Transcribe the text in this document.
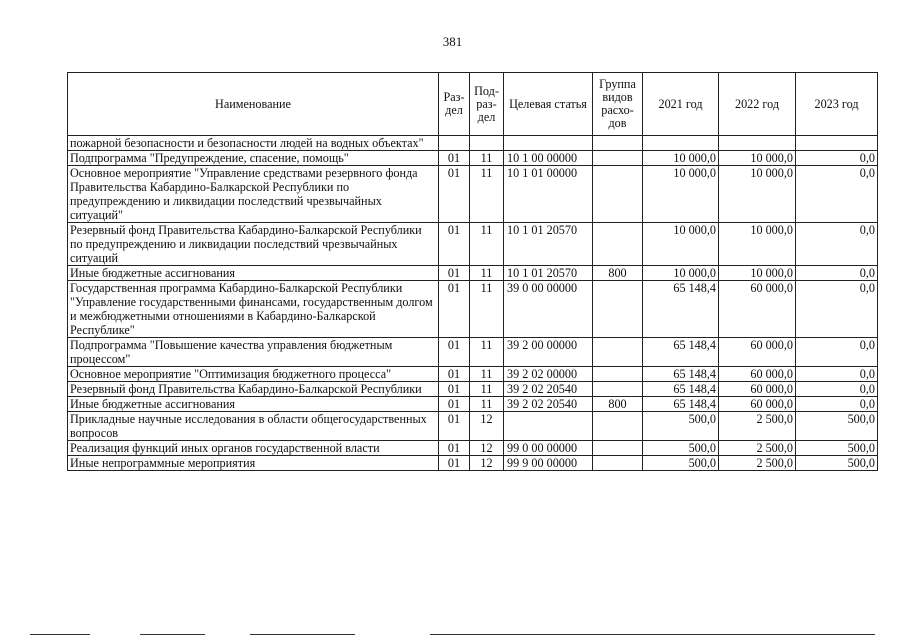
381
Наименование	Раз-дел	Под-раз-дел	Целевая статья	Группа видов расхо-дов	2021 год	2022 год	2023 год
пожарной безопасности и безопасности людей на водных объектах"							
Подпрограмма "Предупреждение, спасение, помощь"	01	11	10 1 00 00000		10 000,0	10 000,0	0,0
Основное мероприятие "Управление средствами резервного фонда Правительства Кабардино-Балкарской Республики по предупреждению и ликвидации последствий чрезвычайных ситуаций"	01	11	10 1 01 00000		10 000,0	10 000,0	0,0
Резервный фонд Правительства Кабардино-Балкарской Республики по предупреждению и ликвидации последствий чрезвычайных ситуаций	01	11	10 1 01 20570		10 000,0	10 000,0	0,0
Иные бюджетные ассигнования	01	11	10 1 01 20570	800	10 000,0	10 000,0	0,0
Государственная программа Кабардино-Балкарской Республики "Управление государственными финансами, государственным долгом и межбюджетными отношениями в Кабардино-Балкарской Республике"	01	11	39 0 00 00000		65 148,4	60 000,0	0,0
Подпрограмма "Повышение качества управления бюджетным процессом"	01	11	39 2 00 00000		65 148,4	60 000,0	0,0
Основное мероприятие "Оптимизация бюджетного процесса"	01	11	39 2 02 00000		65 148,4	60 000,0	0,0
Резервный фонд Правительства Кабардино-Балкарской Республики	01	11	39 2 02 20540		65 148,4	60 000,0	0,0
Иные бюджетные ассигнования	01	11	39 2 02 20540	800	65 148,4	60 000,0	0,0
Прикладные научные исследования в области общегосударственных вопросов	01	12			500,0	2 500,0	500,0
Реализация функций иных органов государственной власти	01	12	99 0 00 00000		500,0	2 500,0	500,0
Иные непрограммные мероприятия	01	12	99 9 00 00000		500,0	2 500,0	500,0
